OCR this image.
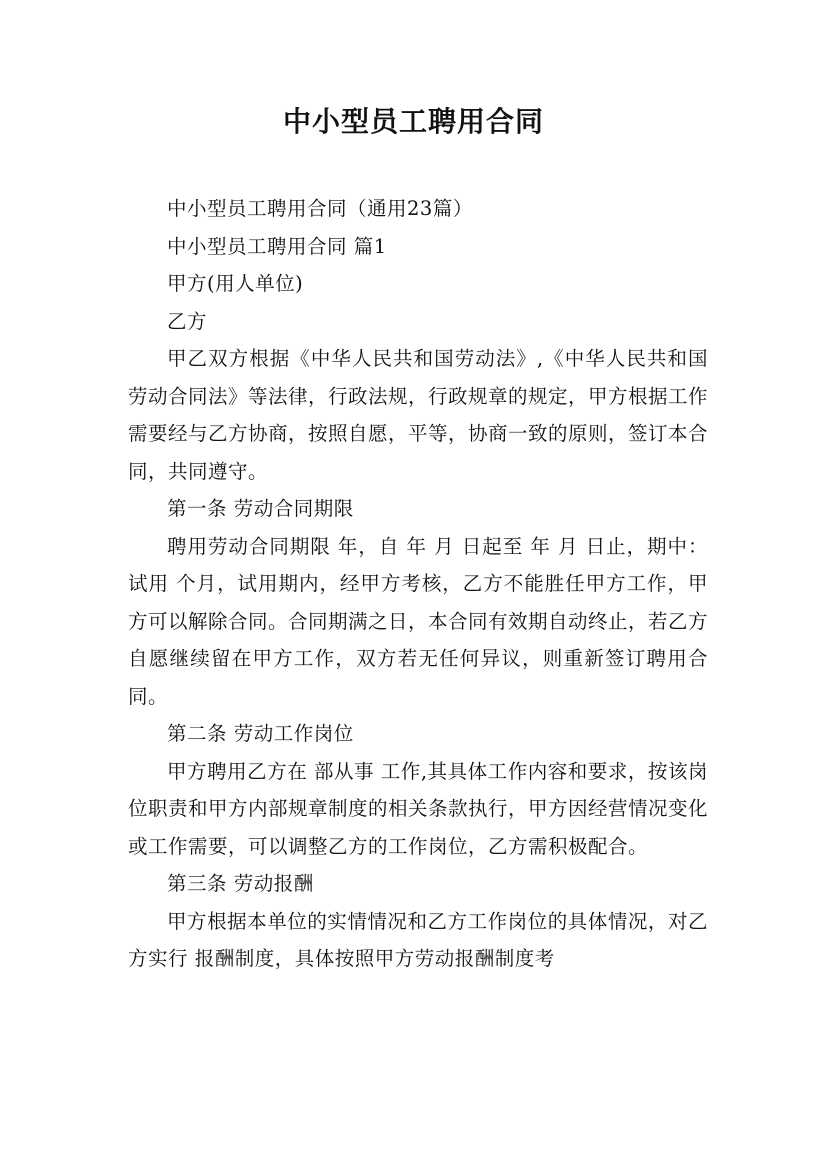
中小型员工聘用合同

中小型员工聘用合同（通用23篇）

中小型员工聘用合同 篇1

甲方(用人单位)

乙方

甲乙双方根据《中华人民共和国劳动法》,《中华人民共和国劳动合同法》等法律，行政法规，行政规章的规定，甲方根据工作需要经与乙方协商，按照自愿，平等，协商一致的原则，签订本合同，共同遵守。

第一条 劳动合同期限

聘用劳动合同期限 年，自 年 月 日起至 年 月 日止，期中：试用 个月，试用期内，经甲方考核，乙方不能胜任甲方工作，甲方可以解除合同。合同期满之日，本合同有效期自动终止，若乙方自愿继续留在甲方工作，双方若无任何异议，则重新签订聘用合同。

第二条 劳动工作岗位

甲方聘用乙方在 部从事 工作,其具体工作内容和要求，按该岗位职责和甲方内部规章制度的相关条款执行，甲方因经营情况变化或工作需要，可以调整乙方的工作岗位，乙方需积极配合。

第三条 劳动报酬

甲方根据本单位的实情情况和乙方工作岗位的具体情况，对乙方实行 报酬制度，具体按照甲方劳动报酬制度考
